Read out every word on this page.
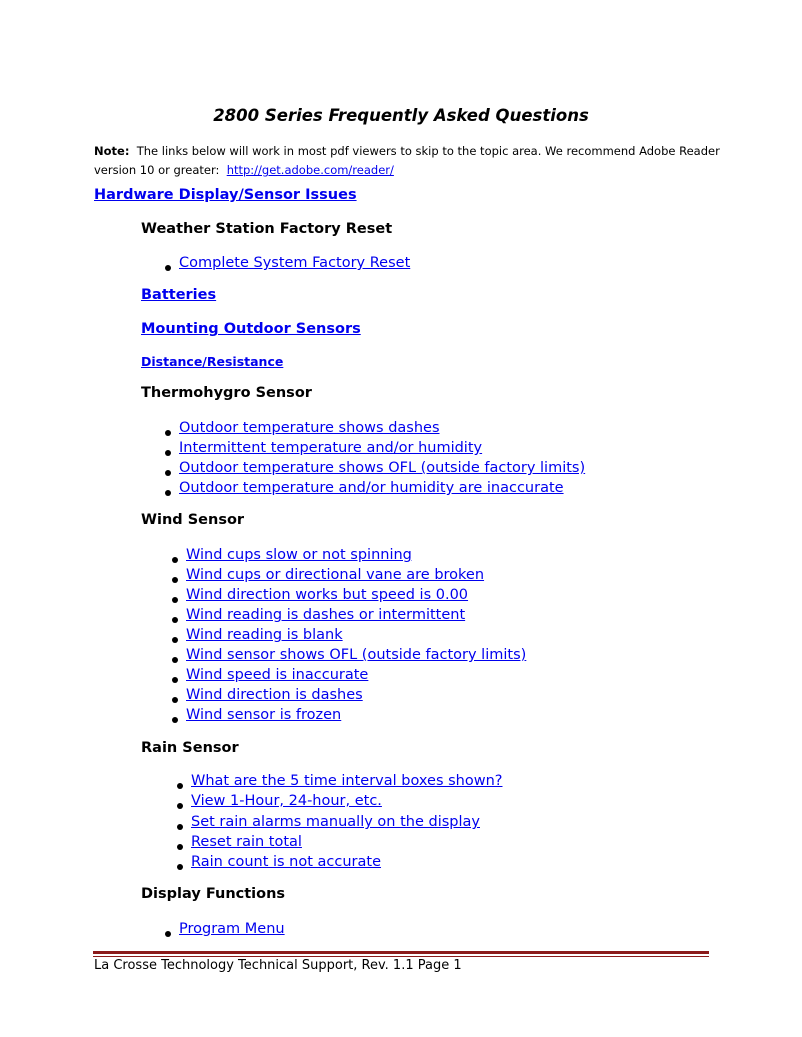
2800 Series Frequently Asked Questions
Note: The links below will work in most pdf viewers to skip to the topic area. We recommend Adobe Reader version 10 or greater: http://get.adobe.com/reader/
Hardware Display/Sensor Issues
Weather Station Factory Reset
Complete System Factory Reset
Batteries
Mounting Outdoor Sensors
Distance/Resistance
Thermohygro Sensor
Outdoor temperature shows dashes
Intermittent temperature and/or humidity
Outdoor temperature shows OFL (outside factory limits)
Outdoor temperature and/or humidity are inaccurate
Wind Sensor
Wind cups slow or not spinning
Wind cups or directional vane are broken
Wind direction works but speed is 0.00
Wind reading is dashes or intermittent
Wind reading is blank
Wind sensor shows OFL (outside factory limits)
Wind speed is inaccurate
Wind direction is dashes
Wind sensor is frozen
Rain Sensor
What are the 5 time interval boxes shown?
View 1-Hour, 24-hour, etc.
Set rain alarms manually on the display
Reset rain total
Rain count is not accurate
Display Functions
Program Menu
La Crosse Technology Technical Support, Rev. 1.1 Page 1
